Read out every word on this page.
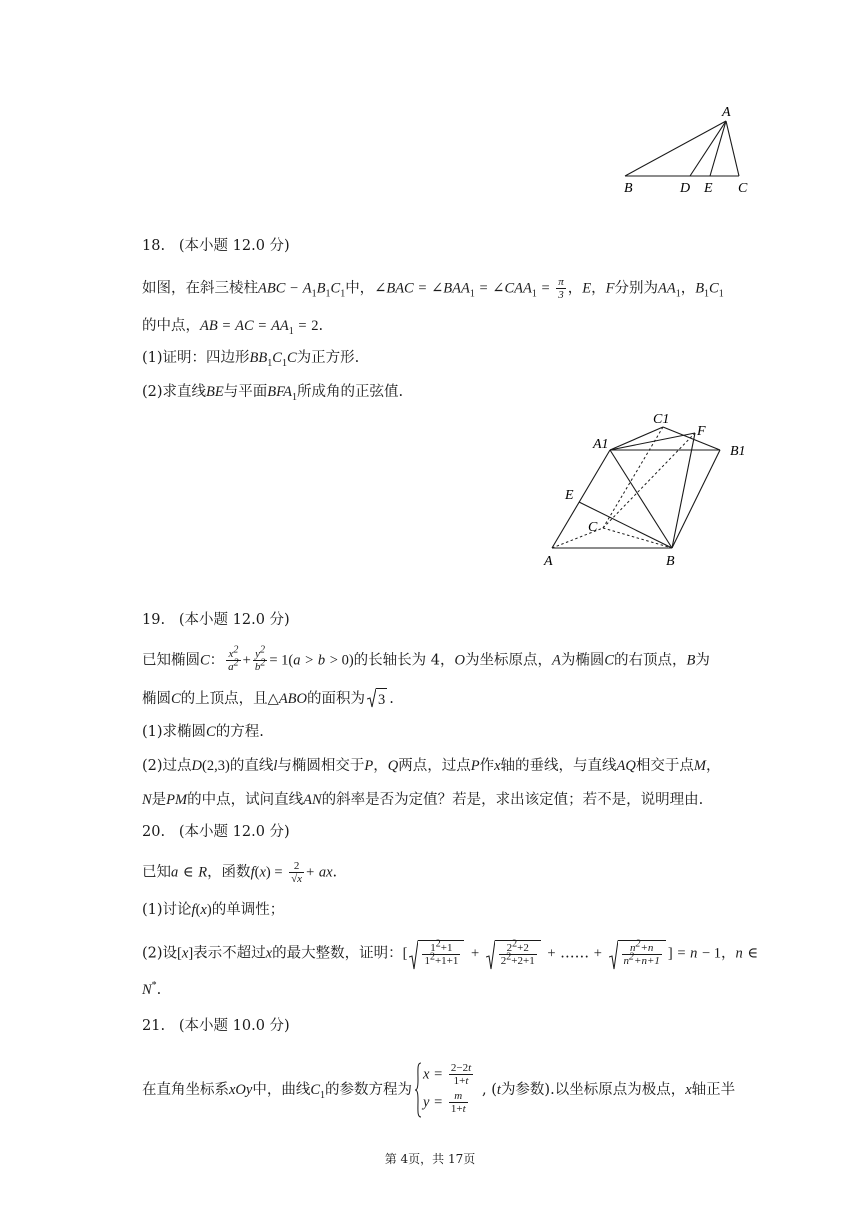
A
B	D E C
18.   (本小题 12.0 分)
如图，在斜三棱柱ABC − $A_1B_1C_1$中，∠BAC = $\angle BAA_1$ = $\angle CAA_1 = \frac{\pi}{3}$ ，E，F分别为$AA_1$，$B_1C_1$
的中点，AB = AC = $AA_1 = 2$.
(1)证明：四边形$BB_1C_1C$为正方形.
(2)求直线BE与平面$BFA_1$所成角的正弦值.
C1
F
A1	B1
E
C
A	B
19.   (本小题 12.0 分)
已知椭圆C： $\frac{x^2}{a^2} + \frac{y^2}{b^2} = 1(a > b > 0)$的长轴长为 4，O为坐标原点，A为椭圆C的右顶点，B为
椭圆C的上顶点，且△ABO的面积为 3 .
(1)求椭圆C的方程.
(2)过点D(2,3)的直线l与椭圆相交于P，Q两点，过点P作x轴的垂线，与直线AQ相交于点M，
N是PM的中点，试问直线AN的斜率是否为定值？若是，求出该定值；若不是，说明理由.
20.   (本小题 12.0 分)
已知a ∈ R，函数$f(x) = \frac{2}{√x}$ + ax.
(1)讨论f(x)的单调性；
(2)设[x]表示不超过x的最大整数，证明：[ $\frac{1^2+1}{1^2+1+1} + \frac{2^2+2}{2^2+2+1}$ + …… + $\frac{n^2+n}{n^2+n+1}$ ] = n − 1，n ∈
N*.
21.   (本小题 10.0 分)
在直角坐标系xOy中，曲线$C_1$的参数方程为
$x = \frac{2-2t}{1+t}$
$y = \frac{m}{1+t}$ , (t为参数).以坐标原点为极点，x轴正半
第 4页，共 17页
